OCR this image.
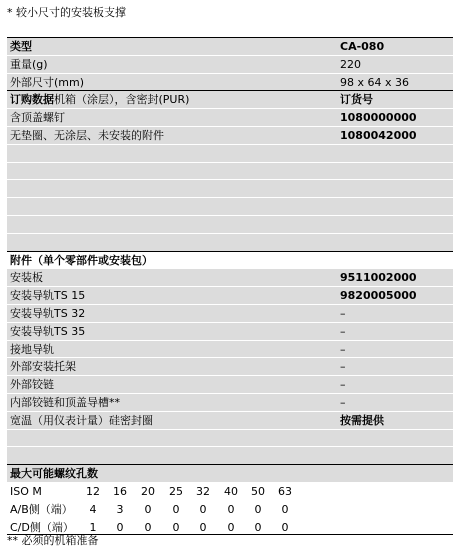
* 较小尺寸的安装板支撑
类型	CA-080
重量(g)	220
外部尺寸(mm)	98 x 64 x 36
订购数据机箱（涂层），含密封(PUR)	订货号
含顶盖螺钉	1080000000
无垫圈、无涂层、未安装的附件	1080042000
附件（单个零部件或安装包）
安装板	9511002000
安装导轨TS 15	9820005000
安装导轨TS 32	–
安装导轨TS 35	–
接地导轨	–
外部安装托架	–
外部铰链	–
内部铰链和顶盖导槽**	–
宽温（用仪表计量）硅密封圈	按需提供
最大可能螺纹孔数
ISO M	12 16 20 25 32 40 50 63
A/B侧（端）	4	3	0	0	0	0	0	0
C/D侧（端）	1	0	0	0	0	0	0	0
** 必须的机箱准备
